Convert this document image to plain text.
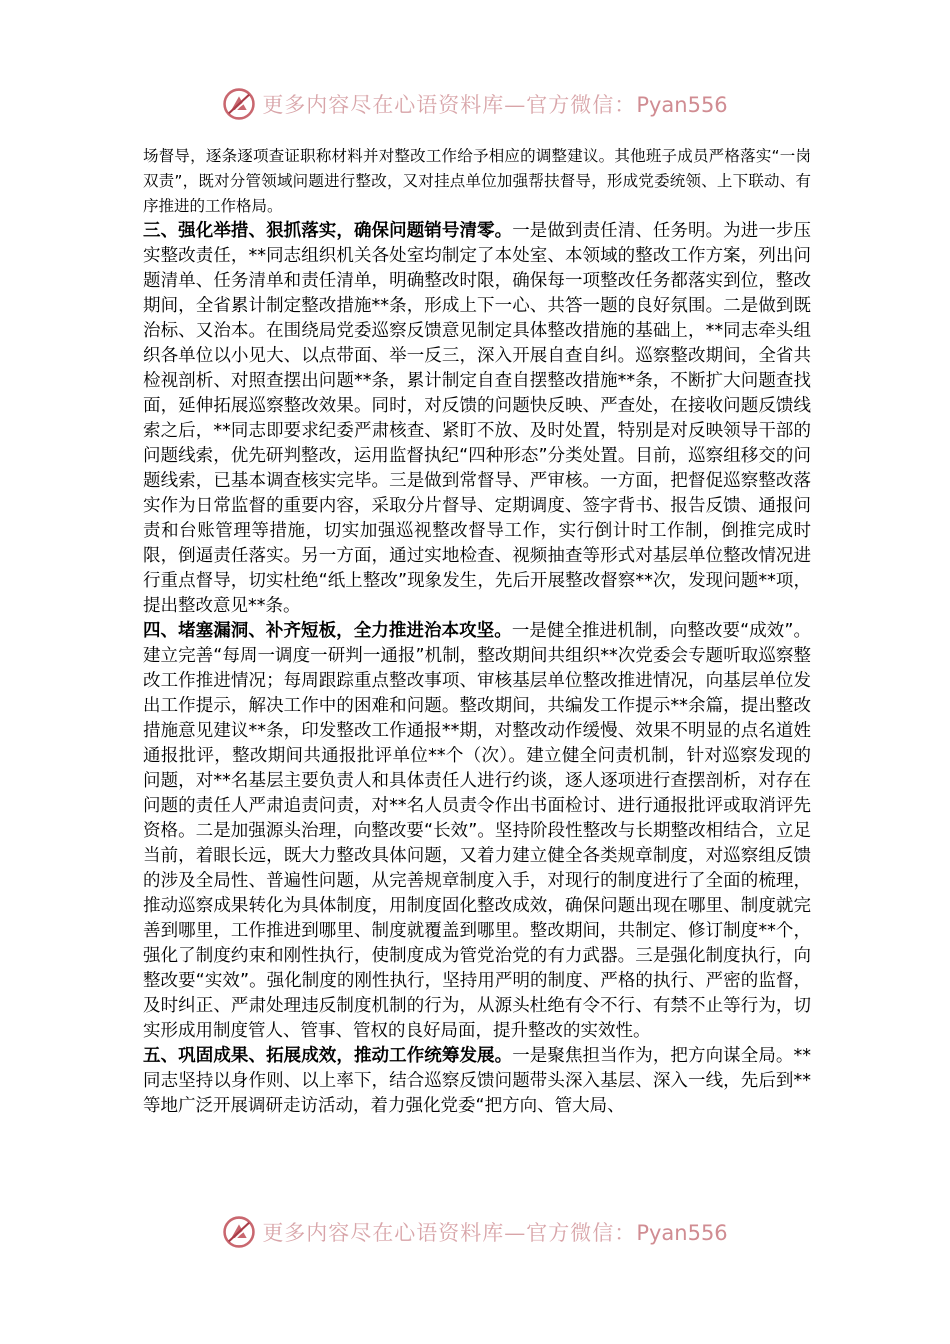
更多内容尽在心语资料库—官方微信：Pyan556

场督导，逐条逐项查证职称材料并对整改工作给予相应的调整建议。其他班子成员严格落实“一岗双责”，既对分管领域问题进行整改，又对挂点单位加强帮扶督导，形成党委统领、上下联动、有序推进的工作格局。

三、强化举措、狠抓落实，确保问题销号清零。一是做到责任清、任务明。为进一步压实整改责任，**同志组织机关各处室均制定了本处室、本领域的整改工作方案，列出问题清单、任务清单和责任清单，明确整改时限，确保每一项整改任务都落实到位，整改期间，全省累计制定整改措施**条，形成上下一心、共答一题的良好氛围。二是做到既治标、又治本。在围绕局党委巡察反馈意见制定具体整改措施的基础上，**同志牵头组织各单位以小见大、以点带面、举一反三，深入开展自查自纠。巡察整改期间，全省共检视剖析、对照查摆出问题**条，累计制定自查自摆整改措施**条，不断扩大问题查找面，延伸拓展巡察整改效果。同时，对反馈的问题快反映、严查处，在接收问题反馈线索之后，**同志即要求纪委严肃核查、紧盯不放、及时处置，特别是对反映领导干部的问题线索，优先研判整改，运用监督执纪“四种形态”分类处置。目前，巡察组移交的问题线索，已基本调查核实完毕。三是做到常督导、严审核。一方面，把督促巡察整改落实作为日常监督的重要内容，采取分片督导、定期调度、签字背书、报告反馈、通报问责和台账管理等措施，切实加强巡视整改督导工作，实行倒计时工作制，倒推完成时限，倒逼责任落实。另一方面，通过实地检查、视频抽查等形式对基层单位整改情况进行重点督导，切实杜绝“纸上整改”现象发生，先后开展整改督察**次，发现问题**项，提出整改意见**条。

四、堵塞漏洞、补齐短板，全力推进治本攻坚。一是健全推进机制，向整改要“成效”。建立完善“每周一调度一研判一通报”机制，整改期间共组织**次党委会专题听取巡察整改工作推进情况；每周跟踪重点整改事项、审核基层单位整改推进情况，向基层单位发出工作提示，解决工作中的困难和问题。整改期间，共编发工作提示**余篇，提出整改措施意见建议**条，印发整改工作通报**期，对整改动作缓慢、效果不明显的点名道姓通报批评，整改期间共通报批评单位**个（次）。建立健全问责机制，针对巡察发现的问题，对**名基层主要负责人和具体责任人进行约谈，逐人逐项进行查摆剖析，对存在问题的责任人严肃追责问责，对**名人员责令作出书面检讨、进行通报批评或取消评先资格。二是加强源头治理，向整改要“长效”。坚持阶段性整改与长期整改相结合，立足当前，着眼长远，既大力整改具体问题，又着力建立健全各类规章制度，对巡察组反馈的涉及全局性、普遍性问题，从完善规章制度入手，对现行的制度进行了全面的梳理，推动巡察成果转化为具体制度，用制度固化整改成效，确保问题出现在哪里、制度就完善到哪里，工作推进到哪里、制度就覆盖到哪里。整改期间，共制定、修订制度**个，强化了制度约束和刚性执行，使制度成为管党治党的有力武器。三是强化制度执行，向整改要“实效”。强化制度的刚性执行，坚持用严明的制度、严格的执行、严密的监督，及时纠正、严肃处理违反制度机制的行为，从源头杜绝有令不行、有禁不止等行为，切实形成用制度管人、管事、管权的良好局面，提升整改的实效性。

五、巩固成果、拓展成效，推动工作统筹发展。一是聚焦担当作为，把方向谋全局。**同志坚持以身作则、以上率下，结合巡察反馈问题带头深入基层、深入一线，先后到**等地广泛开展调研走访活动，着力强化党委“把方向、管大局、

更多内容尽在心语资料库—官方微信：Pyan556
